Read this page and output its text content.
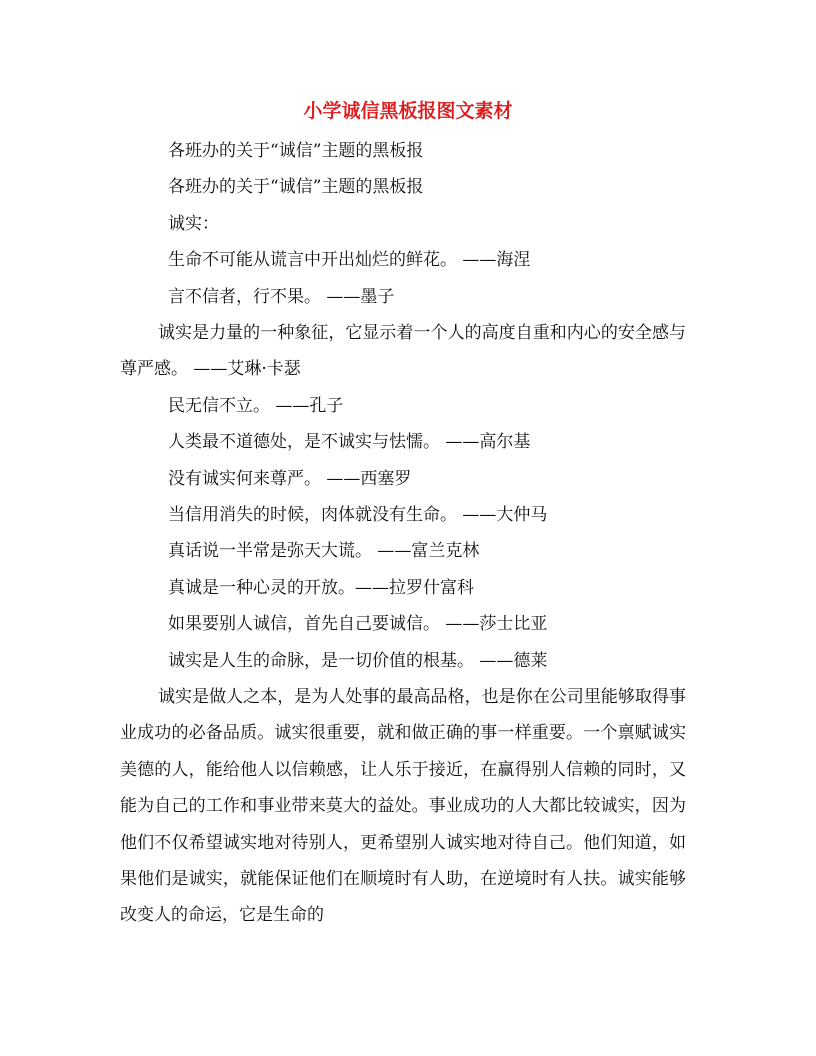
小学诚信黑板报图文素材
各班办的关于“诚信”主题的黑板报
各班办的关于“诚信”主题的黑板报
诚实：
生命不可能从谎言中开出灿烂的鲜花。 ——海涅
言不信者，行不果。 ——墨子

诚实是力量的一种象征，它显示着一个人的高度自重和内心的安全感与尊严感。 ——艾琳·卡瑟

民无信不立。 ——孔子
人类最不道德处，是不诚实与怯懦。 ——高尔基
没有诚实何来尊严。 ——西塞罗
当信用消失的时候，肉体就没有生命。 ——大仲马
真话说一半常是弥天大谎。 ——富兰克林
真诚是一种心灵的开放。——拉罗什富科
如果要别人诚信，首先自己要诚信。 ——莎士比亚
诚实是人生的命脉，是一切价值的根基。 ——德莱

诚实是做人之本，是为人处事的最高品格，也是你在公司里能够取得事业成功的必备品质。诚实很重要，就和做正确的事一样重要。一个禀赋诚实美德的人，能给他人以信赖感，让人乐于接近，在赢得别人信赖的同时，又能为自己的工作和事业带来莫大的益处。事业成功的人大都比较诚实，因为他们不仅希望诚实地对待别人，更希望别人诚实地对待自己。他们知道，如果他们是诚实，就能保证他们在顺境时有人助，在逆境时有人扶。诚实能够改变人的命运，它是生命的
